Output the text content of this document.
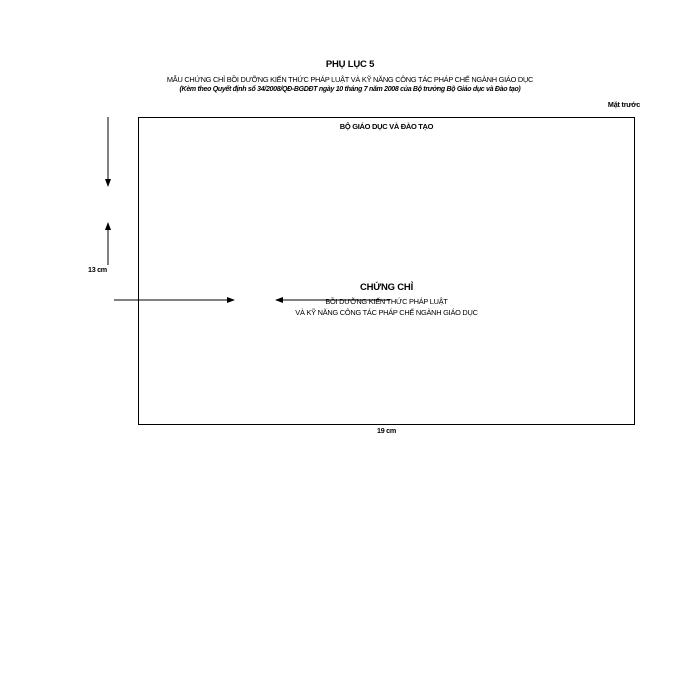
PHỤ LỤC 5
MẪU CHỨNG CHỈ BỒI DƯỠNG KIẾN THỨC PHÁP LUẬT VÀ KỸ NĂNG CÔNG TÁC PHÁP CHẾ NGÀNH GIÁO DỤC
(Kèm theo Quyết định số 34/2008/QĐ-BGDĐT ngày 10 tháng 7 năm 2008 của Bộ trưởng Bộ Giáo dục và Đào tạo)
Mặt trước
BỘ GIÁO DỤC VÀ ĐÀO TẠO
CHỨNG CHỈ
BỒI DƯỠNG KIẾN THỨC PHÁP LUẬT
VÀ KỸ NĂNG CÔNG TÁC PHÁP CHẾ NGÀNH GIÁO DỤC
13 cm
19 cm
